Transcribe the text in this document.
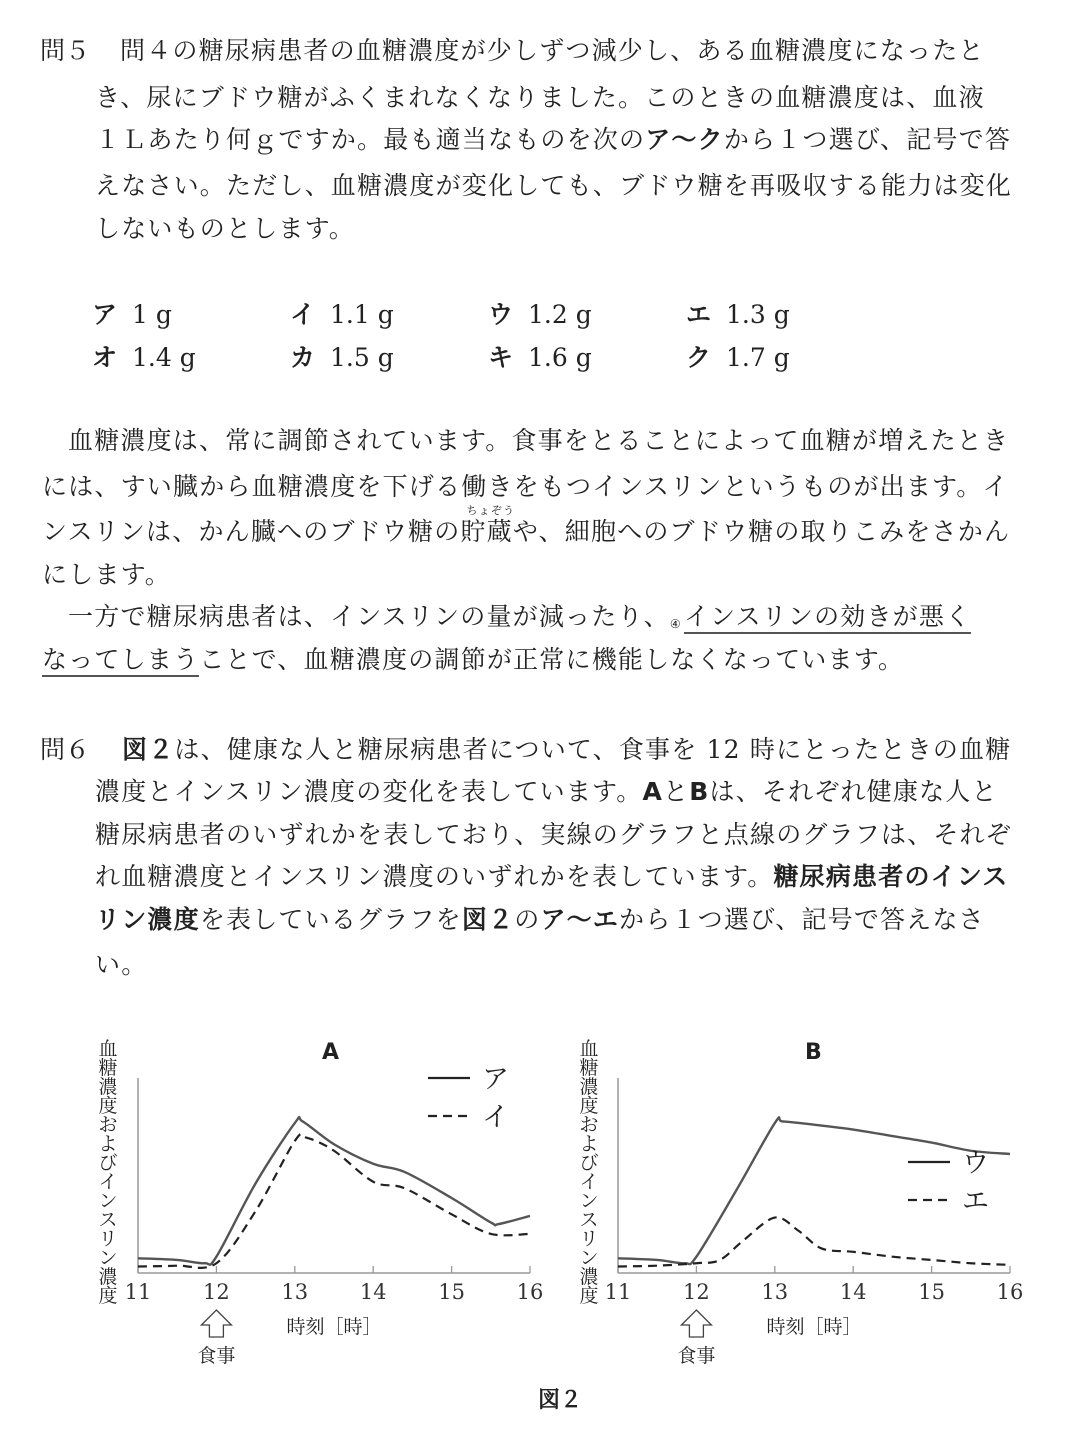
問５ 問４の糖尿病患者の血糖濃度が少しずつ減少し、ある血糖濃度になったと
き、尿にブドウ糖がふくまれなくなりました。このときの血糖濃度は、血液
１Ｌあたり何ｇですか。最も適当なものを次のア～クから１つ選び、記号で答
えなさい。ただし、血糖濃度が変化しても、ブドウ糖を再吸収する能力は変化
しないものとします。
ア 1 g	イ 1.1 g	ウ 1.2 g	エ 1.3 g
オ 1.4 g	カ 1.5 g	キ 1.6 g	ク 1.7 g
血糖濃度は、常に調節されています。食事をとることによって血糖が増えたとき
には、すい臓から血糖濃度を下げる働きをもつインスリンというものが出ます。イ
ンスリンは、かん臓へのブドウ糖の
ちょぞう
貯蔵や、細胞へのブドウ糖の取りこみをさかん
にします。
一方で糖尿病患者は、インスリンの量が減ったり、④インスリンの効きが悪く
なってしまうことで、血糖濃度の調節が正常に機能しなくなっています。
問６ 図２は、健康な人と糖尿病患者について、食事を 12 時にとったときの血糖
濃度とインスリン濃度の変化を表しています。AとBは、それぞれ健康な人と
糖尿病患者のいずれかを表しており、実線のグラフと点線のグラフは、それぞ
れ血糖濃度とインスリン濃度のいずれかを表しています。糖尿病患者のインス
リン濃度を表しているグラフを図２のア～エから１つ選び、記号で答えなさ
い。
血糖濃度およびインスリン濃度
A
11 12 13 14 15 16
ア
イ
食事
時刻［時］
血糖濃度およびインスリン濃度
B
11 12 13 14 15 16
ウ
エ
食事
時刻［時］
図２
